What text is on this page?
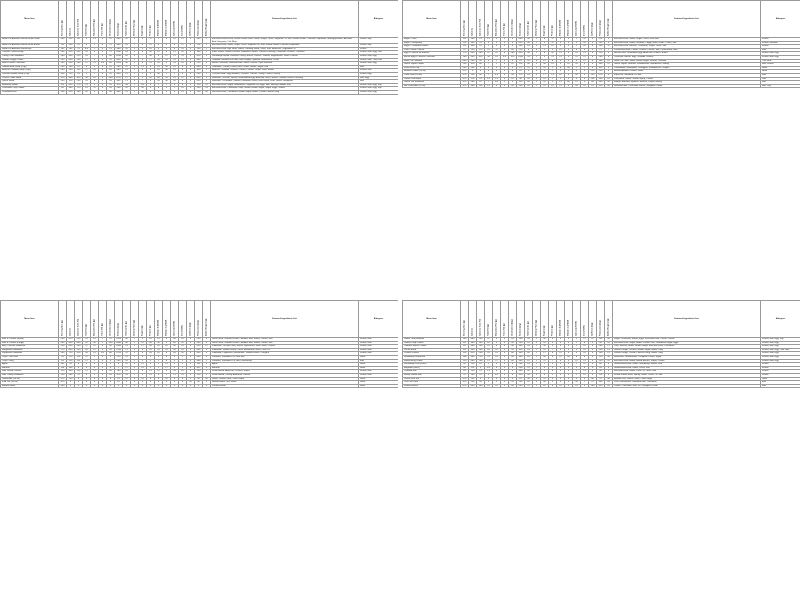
Menu Item	Serving Size (g)	Calories	Calories from Fat	Total Fat (g)	Saturated Fat (g)	Trans Fat (g)	Cholesterol (mg)	Sodium (mg)	Total Carbs (g)	Dietary Fiber (g)	Sugars (g)	Protein (g)	Vitamin A (%DV)	Vitamin C (%DV)	Calcium (%DV)	Iron (%DV)	Caffeine (mg)	Potassium (mg)	Added Sugars (g)	Featured Ingredients List	Allergens
Hand-Cut Artisanal Sliced Whole Grain	105	250	80	9	2.5	0	20	490	32	3	4	11	2	0	10	15	0	180	2	Enriched Wheat Flour, Whole Wheat Flour, Water, Sugar, Yeast, Soybean Oil, Salt, Wheat Gluten, Calcium Propionate, Monoglycerides, Ascorbic Acid, Enzymes, Oat Fiber	Wheat, Soy
Hand-Cut Artisanal Sliced White Bread	98	240	70	8	2	0	15	460	33	1	4	10	0	0	8	12	0	110	3	Enriched Flour, Water, Sugar, Yeast, Soybean Oil, Salt, Wheat Gluten, Calcium Propionate	Wheat, Soy
Hand-Cut Artisanal Sliced Rye	102	245	75	8.5	2	0	15	480	31	2	3	10	0	0	8	14	0	150	2	Enriched Flour, Rye Flour, Water, Caraway Seed, Yeast, Salt, Molasses, Vegetable Oil	Wheat
Chicken Caesar Wrap	245	520	230	26	6	0	75	1180	43	3	4	30	10	8	15	20	0	390	2	Flour Tortilla, Grilled Chicken, Romaine Lettuce, Caesar Dressing, Parmesan Cheese, Croutons	Wheat, Milk, Egg, Fish
Turkey Club Sandwich	280	560	210	24	7	0	80	1450	50	3	7	36	8	12	15	25	0	420	5	Sourdough Bread, Roasted Turkey, Bacon, Lettuce, Tomato, Mayonnaise, Swiss Cheese	Wheat, Milk, Egg
Garden Veggie Panini	230	430	150	17	6	0	25	890	52	5	6	17	30	25	25	15	0	480	3	Ciabatta, Roasted Zucchini, Red Pepper, Spinach, Mozzarella, Pesto	Wheat, Milk, Tree Nuts
Ham & Swiss Croissant	160	450	240	27	15	0.5	85	1020	34	1	5	19	10	0	25	10	0	210	4	Butter Croissant, Smoked Ham, Swiss Cheese, Dijon Mustard	Wheat, Milk, Egg
Tomato Basil Soup (Cup)	240	180	70	8	5	0	25	780	22	3	13	4	25	30	10	6	0	560	6	Tomatoes, Cream, Onion, Basil, Garlic, Butter, Sugar, Salt	Milk
Broccoli Cheddar Soup (Cup)	240	250	150	17	10	0	50	990	15	2	4	9	20	40	25	4	0	340	1	Broccoli, Cheddar Cheese, Cream, Carrots, Onion, Flour, Butter	Wheat, Milk
Chicken Noodle Soup (Cup)	240	120	25	3	1	0	25	830	15	1	2	9	30	2	2	6	0	230	1	Chicken Broth, Egg Noodles, Chicken, Carrots, Celery, Onion, Parsley	Wheat, Egg
Classic Cobb Salad	320	480	310	34	10	0	260	1170	12	5	5	32	80	35	15	12	0	650	3	Romaine, Chicken, Bacon, Hard-Boiled Egg, Avocado, Blue Cheese, Tomato, Ranch Dressing	Milk, Egg
Greek Salad	250	310	230	26	8	0	35	840	13	4	7	8	45	50	20	8	0	420	4	Romaine, Cucumber, Tomato, Kalamata Olives, Red Onion, Feta, Greek Vinaigrette	Milk
Blueberry Muffin	113	420	170	19	3	0	55	370	58	1	33	6	2	2	6	8	0	120	31	Enriched Flour, Sugar, Blueberries, Soybean Oil, Eggs, Milk, Baking Powder, Salt	Wheat, Milk, Egg, Soy
Chocolate Chip Cookie	85	390	170	19	11	0	45	260	52	2	30	4	6	0	2	10	5	140	29	Enriched Flour, Chocolate Chips, Butter, Brown Sugar, Sugar, Eggs, Vanilla	Wheat, Milk, Egg, Soy
Cinnamon Roll	140	520	180	20	9	0	40	480	78	2	36	8	6	0	6	15	0	130	34	Enriched Flour, Cinnamon, Brown Sugar, Butter, Cream Cheese Icing	Wheat, Milk, Egg
Menu Item	Serving Size (g)	Calories	Calories from Fat	Total Fat (g)	Saturated Fat (g)	Trans Fat (g)	Cholesterol (mg)	Sodium (mg)	Total Carbs (g)	Dietary Fiber (g)	Sugars (g)	Protein (g)	Vitamin A (%DV)	Vitamin C (%DV)	Calcium (%DV)	Iron (%DV)	Caffeine (mg)	Potassium (mg)	Added Sugars (g)	Featured Ingredients List	Allergens
Bagel - Plain	113	290	15	1.5	0	0	0	450	58	2	6	11	0	0	2	20	0	110	5	Enriched Flour, Water, Sugar, Yeast, Salt, Malt	Wheat
Bagel - Everything	113	300	25	3	0	0	0	610	58	2	5	11	0	0	4	20	0	130	4	Enriched Flour, Water, Sesame, Poppy Seed, Garlic, Onion, Salt	Wheat, Sesame
Bagel - Cinnamon Raisin	113	300	10	1	0	0	0	390	63	3	13	10	0	0	2	20	0	190	11	Enriched Flour, Raisins, Cinnamon, Sugar, Yeast, Salt	Wheat
Plain Cream Cheese	57	190	170	19	11	0	60	210	3	0	2	3	10	0	4	0	0	75	2	Pasteurized Milk, Cream, Cheese Culture, Salt, Carob Bean Gum	Milk
Egg & Cheese on Brioche	170	430	200	22	10	0	285	820	38	1	6	20	15	0	25	15	0	220	5	Brioche Bun, Scrambled Egg, American Cheese, Butter	Wheat, Milk, Egg
Bacon Egg & Cheese Croissant	190	540	320	36	18	0.5	310	1090	33	1	5	23	15	0	25	15	0	260	4	Croissant, Bacon, Egg, Cheddar Cheese	Wheat, Milk, Egg
Steel Cut Oatmeal	340	290	50	5	1	0	0	10	52	6	12	8	0	0	4	12	0	280	10	Steel Cut Oats, Water, Brown Sugar, Raisins, Walnuts	Tree Nuts
Greek Yogurt Parfait	250	320	60	7	2	0	10	110	50	3	34	14	4	10	20	4	0	340	22	Greek Yogurt, Granola, Strawberries, Blueberries, Honey	Milk, Wheat
Fresh Fruit Cup	200	100	0	0	0	0	0	15	25	3	20	1	8	90	2	2	0	320	0	Cantaloupe, Honeydew, Pineapple, Strawberries, Grapes	None
Brewed Coffee (16 oz)	473	5	0	0	0	0	0	10	0	0	0	1	0	0	0	0	210	230	0	Brewed Arabica Coffee, Water	None
Caffe Latte (16 oz)	473	190	60	7	4.5	0	30	170	18	0	17	13	10	0	45	0	150	610	0	Espresso, Steamed 2% Milk	Milk
Vanilla Cold Brew	473	110	25	2.5	1.5	0	10	40	20	0	19	1	2	0	4	0	205	190	18	Cold Brew Coffee, Vanilla Syrup, Cream	Milk
Green Tea Smoothie	473	280	10	1	0.5	0	5	120	60	3	52	5	15	60	15	4	40	540	30	Mango, Banana, Spinach, Matcha, Yogurt, Honey	Milk
Hot Chocolate (16 oz)	473	380	130	15	9	0	45	230	52	2	47	14	15	0	45	10	15	620	36	Steamed Milk, Chocolate Sauce, Whipped Cream	Milk, Soy
Menu Item	Serving Size (g)	Calories	Calories from Fat	Total Fat (g)	Saturated Fat (g)	Trans Fat (g)	Cholesterol (mg)	Sodium (mg)	Total Carbs (g)	Dietary Fiber (g)	Sugars (g)	Protein (g)	Vitamin A (%DV)	Vitamin C (%DV)	Calcium (%DV)	Iron (%DV)	Caffeine (mg)	Potassium (mg)	Added Sugars (g)	Featured Ingredients List	Allergens
Mac & Cheese (Small)	230	470	230	26	15	1	75	1020	40	1	5	19	15	0	40	10	0	250	3	Shell Pasta, Vermont White Cheddar, Milk, Butter, Cream, Salt	Wheat, Milk
Mac & Cheese (Large)	460	940	460	52	30	2	150	2040	80	2	10	38	30	0	80	20	0	500	6	Shell Pasta, Vermont White Cheddar, Milk, Butter, Cream, Salt	Wheat, Milk
BBQ Chicken Flatbread	290	690	240	27	11	0	90	1580	74	3	17	38	10	10	40	25	0	520	12	Flatbread, Chicken, BBQ Sauce, Mozzarella, Red Onion, Cilantro	Wheat, Milk
Margherita Flatbread	270	640	230	26	12	0	55	1310	72	4	8	29	20	20	50	20	0	480	3	Flatbread, Tomato Sauce, Fresh Mozzarella, Basil, Olive Oil	Wheat, Milk
Pepperoni Flatbread	260	720	310	34	15	0.5	80	1720	70	3	6	33	10	8	45	20	0	430	3	Flatbread, Pepperoni, Mozzarella, Tomato Sauce, Oregano	Wheat, Milk
Chips - Sea Salt	43	220	110	12	1	0	0	210	25	2	0	3	0	8	0	2	0	490	0	Potatoes, Sunflower Oil, Sea Salt	None
Chips - BBQ	43	220	110	12	1	0	0	260	26	2	2	3	2	8	0	2	0	480	2	Potatoes, Sunflower Oil, BBQ Seasoning	Milk
Apple	182	95	0	0	0	0	0	0	25	4	19	0	2	14	0	2	0	195	0	Apple	None
Banana	118	105	0	0	0	0	0	1	27	3	14	1	2	17	0	2	0	422	0	Banana	None
Kids Grilled Cheese	120	390	190	21	11	0	50	780	35	1	4	15	10	0	35	10	0	140	2	White Bread, American Cheese, Butter	Wheat, Milk
Kids Turkey Sandwich	130	280	70	8	3	0	35	870	33	2	4	19	4	2	15	15	0	220	3	White Bread, Turkey, American Cheese	Wheat, Milk
Lemonade (16 oz)	473	220	0	0	0	0	0	15	57	0	55	0	0	20	0	0	0	40	54	Water, Lemon Juice, Cane Sugar	None
Iced Tea (16 oz)	473	0	0	0	0	0	0	10	0	0	0	0	0	0	0	0	55	90	0	Brewed Black Tea, Water	None
Bottled Water	500	0	0	0	0	0	0	0	0	0	0	0	0	0	0	0	0	0	0	Purified Water	None
Menu Item	Serving Size (g)	Calories	Calories from Fat	Total Fat (g)	Saturated Fat (g)	Trans Fat (g)	Cholesterol (mg)	Sodium (mg)	Total Carbs (g)	Dietary Fiber (g)	Sugars (g)	Protein (g)	Vitamin A (%DV)	Vitamin C (%DV)	Calcium (%DV)	Iron (%DV)	Caffeine (mg)	Potassium (mg)	Added Sugars (g)	Featured Ingredients List	Allergens
Sweet Treat Brownie	100	440	200	22	9	0	65	190	59	2	40	5	4	0	2	15	10	190	38	Sugar, Chocolate, Butter, Eggs, Enriched Flour, Cocoa, Vanilla	Wheat, Milk, Egg, Soy
Lemon Drop Cookie	85	360	140	16	9	0	45	230	51	0	31	3	6	0	2	6	0	40	29	Enriched Flour, Sugar, Butter, Lemon Zest, Powdered Sugar, Eggs	Wheat, Milk, Egg
Oatmeal Raisin Cookie	85	360	130	14	8	0	40	300	55	2	30	5	4	0	2	10	0	160	27	Oats, Raisins, Butter, Brown Sugar, Enriched Flour, Cinnamon	Wheat, Milk, Egg
Pecan Braid	115	490	260	29	10	0	35	320	53	2	22	7	6	0	4	10	0	150	19	Danish Dough, Pecans, Brown Sugar, Butter, Icing	Wheat, Milk, Egg, Tree Nuts
Cheese Danish	110	420	230	25	14	0	80	330	42	1	17	8	10	0	4	10	0	100	15	Danish Dough, Cream Cheese Filling, Butter, Icing	Wheat, Milk, Egg
Strawberry Shortcake	180	480	210	23	14	0	90	340	63	2	36	6	10	60	8	8	0	210	30	Shortcake, Strawberries, Whipped Cream, Sugar	Wheat, Milk, Egg
Mixed Berry Scone	120	460	190	21	12	0	60	540	61	2	22	7	8	4	10	15	0	130	20	Enriched Flour, Butter, Mixed Berries, Sugar, Cream	Wheat, Milk, Egg
Sourdough Loaf (Slice)	50	130	10	1	0	0	0	260	25	1	1	5	0	0	2	10	0	60	0	Unbleached Flour, Water, Sourdough Starter, Salt	Wheat
Baguette (Slice)	40	110	5	0.5	0	0	0	250	22	1	0	4	0	0	0	8	0	45	0	Unbleached Flour, Water, Yeast, Salt	Wheat
Ciabatta Roll	85	230	25	2.5	0	0	0	480	44	2	1	8	0	0	2	15	0	90	0	Enriched Flour, Water, Olive Oil, Yeast, Salt	Wheat
Honey Wheat Roll	70	190	25	3	0.5	0	0	320	35	3	6	7	0	0	2	10	0	110	5	Whole Wheat Flour, Honey, Water, Yeast, Oil, Salt	Wheat
Peach Iced Tea	473	150	0	0	0	0	0	10	38	0	37	0	0	0	0	0	40	70	36	Brewed Tea, Peach Puree, Cane Sugar	None
Chai Tea Latte	473	250	45	5	3	0	20	130	42	0	40	9	6	0	30	2	70	400	33	Chai Concentrate, Steamed Milk, Cinnamon	Milk
Frozen Mocha	473	450	140	16	10	0	50	230	70	2	62	8	10	0	25	8	180	420	55	Coffee, Chocolate, Milk, Ice, Whipped Cream	Milk
